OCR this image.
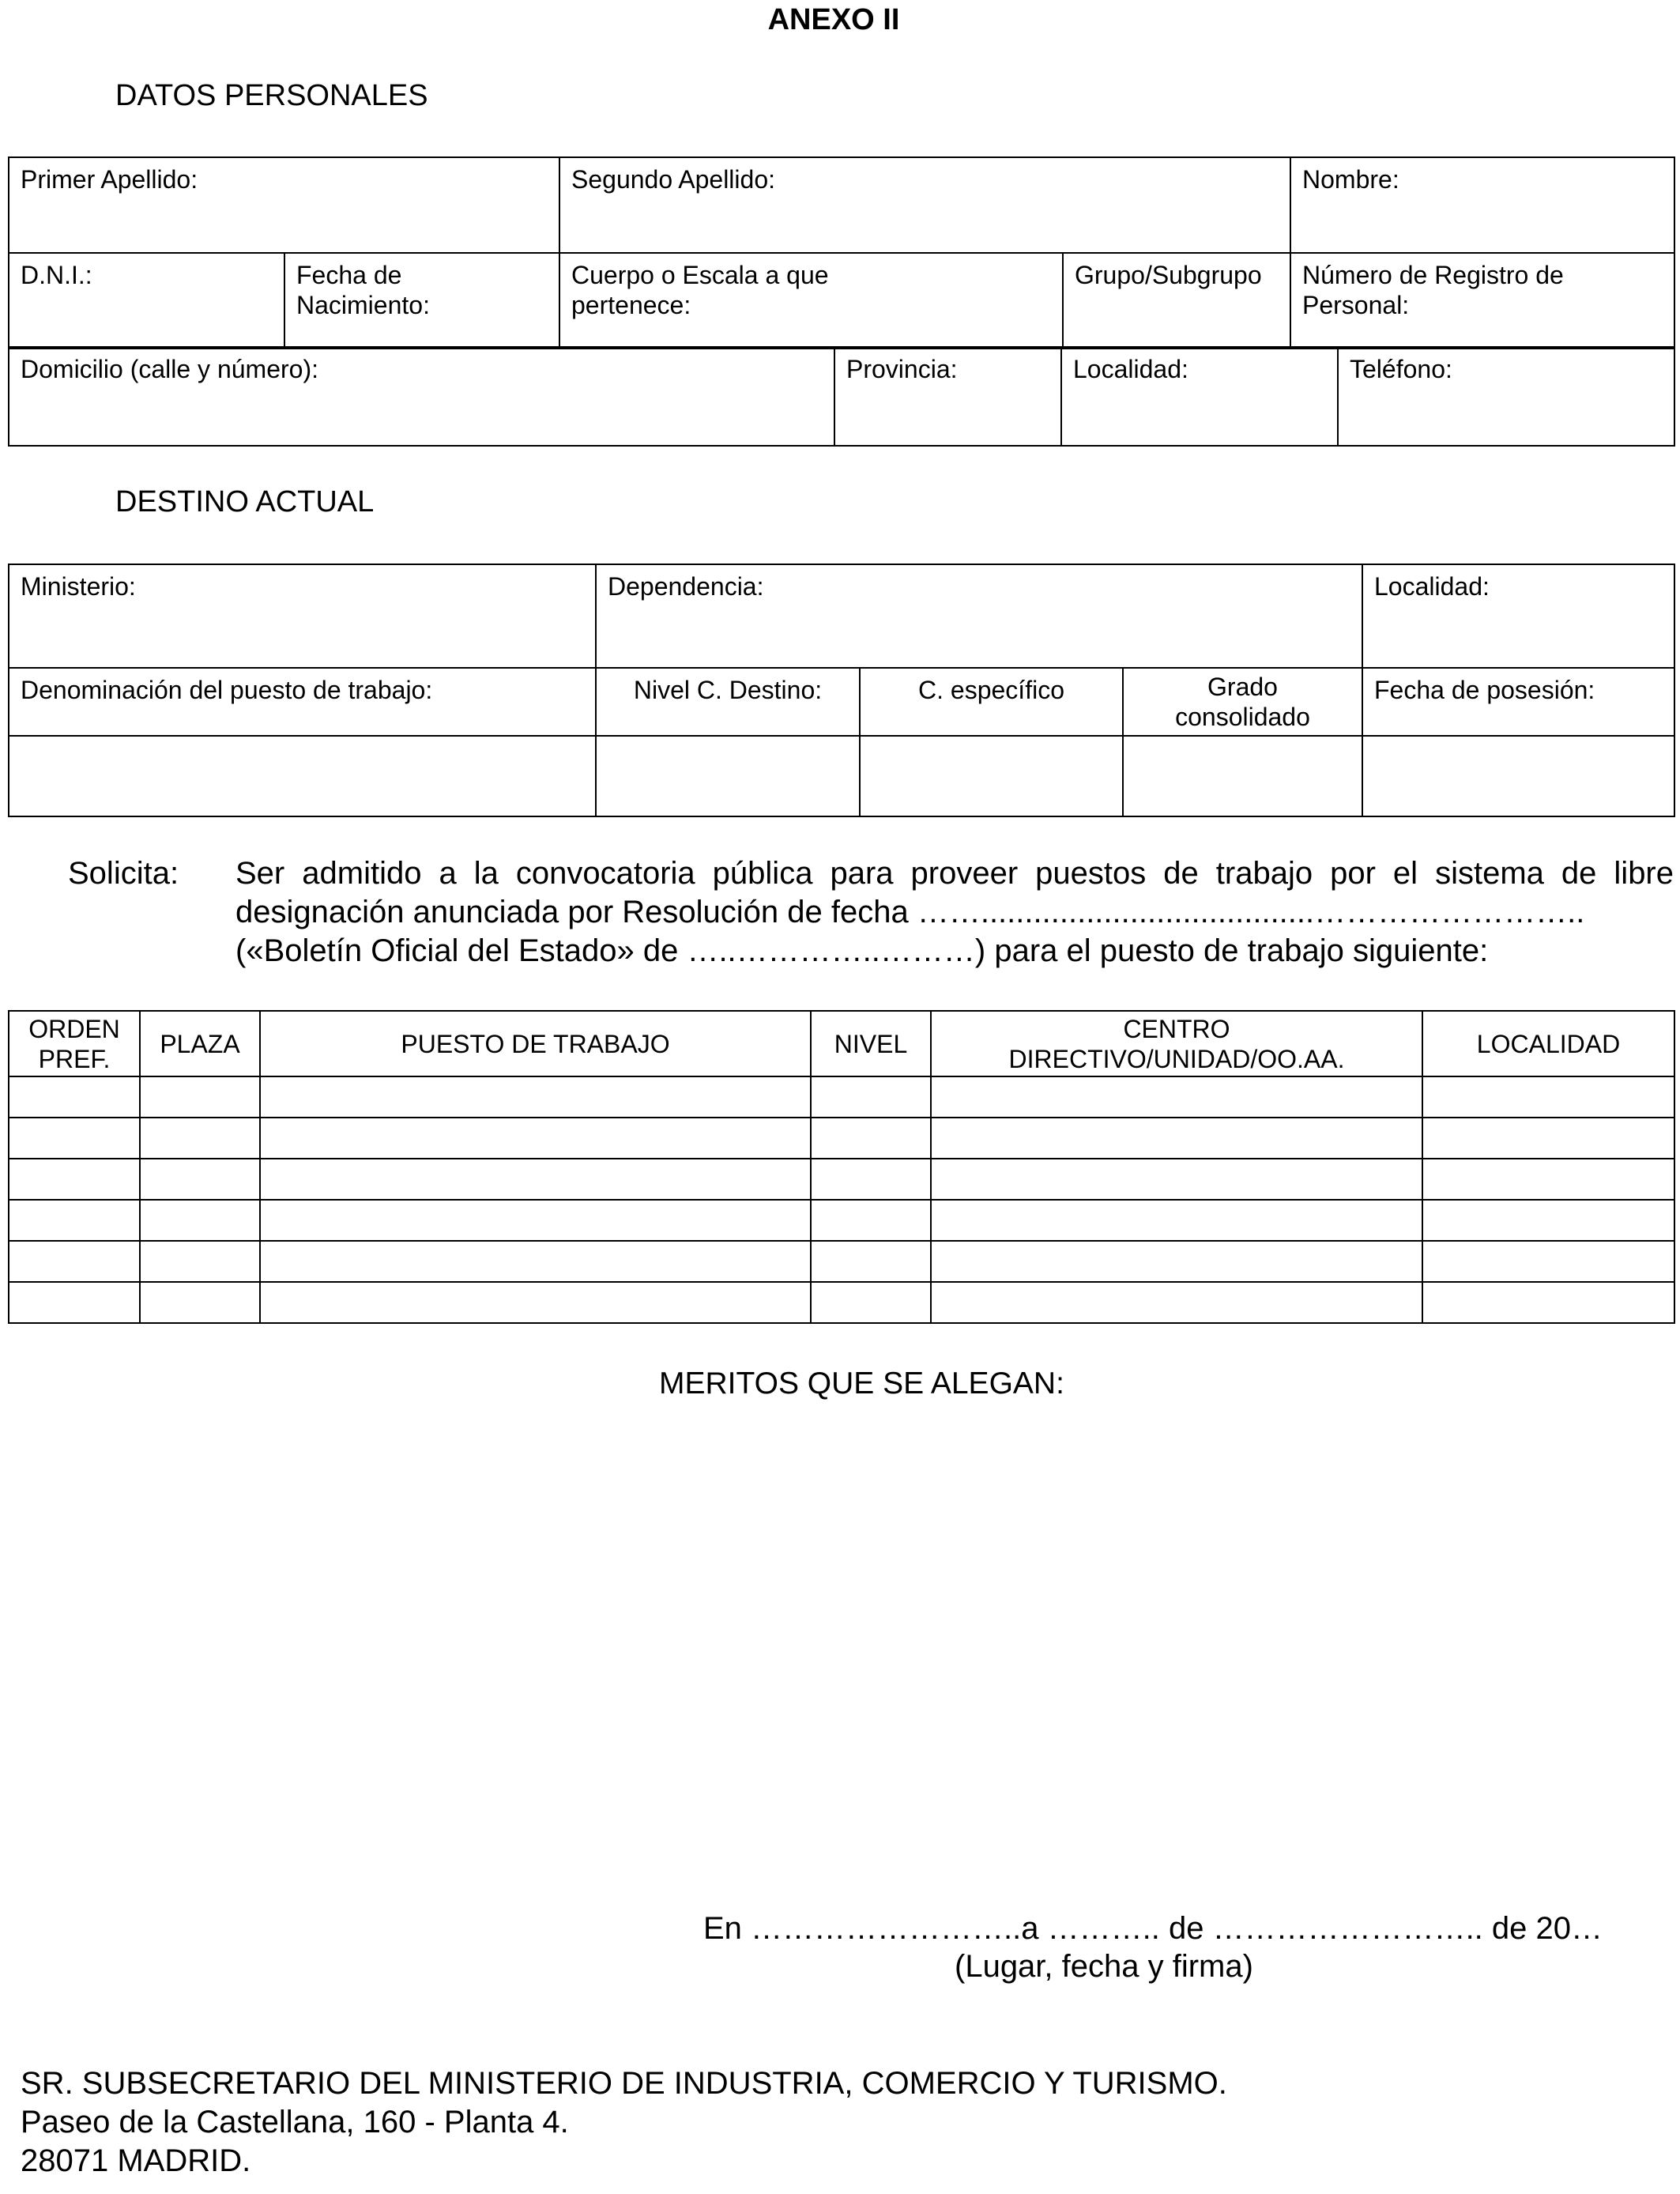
ANEXO II
DATOS PERSONALES
Primer Apellido:		Segundo Apellido:		Nombre:
D.N.I.:	Fecha de Nacimiento:	Cuerpo o Escala a que pertenece:	Grupo/Subgrupo	Número de Registro de Personal:
Domicilio (calle y número):	Provincia:	Localidad:	Teléfono:
DESTINO ACTUAL
Ministerio:	Dependencia:			Localidad:
Denominación del puesto de trabajo:	Nivel C. Destino:	C. específico	Grado consolidado	Fecha de posesión:

Solicita: Ser admitido a la convocatoria pública para proveer puestos de trabajo por el sistema de libre
designación anunciada por Resolución de fecha ……......................................……………………..
(«Boletín Oficial del Estado» de …..…………..………) para el puesto de trabajo siguiente:
ORDEN PREF.	PLAZA	PUESTO DE TRABAJO	NIVEL	CENTRO DIRECTIVO/UNIDAD/OO.AA.	LOCALIDAD

MERITOS QUE SE ALEGAN:
En ……………………..a ……….. de …………………….. de 20…
(Lugar, fecha y firma)
SR. SUBSECRETARIO DEL MINISTERIO DE INDUSTRIA, COMERCIO Y TURISMO.
Paseo de la Castellana, 160 - Planta 4.
28071 MADRID.
